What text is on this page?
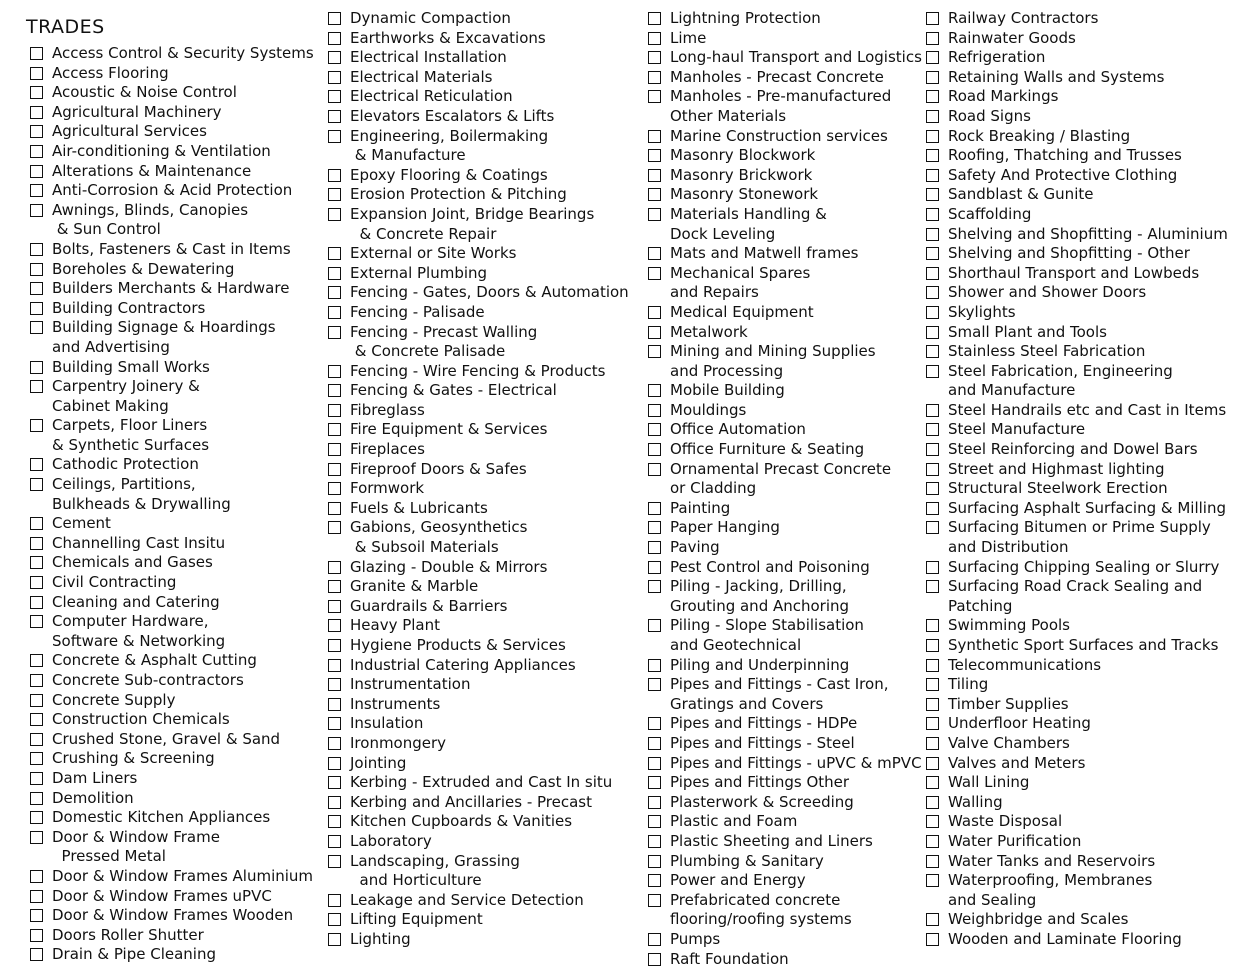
TRADES
Access Control & Security Systems
Access Flooring
Acoustic & Noise Control
Agricultural Machinery
Agricultural Services
Air-conditioning & Ventilation
Alterations & Maintenance
Anti-Corrosion & Acid Protection
Awnings, Blinds, Canopies
& Sun Control
Bolts, Fasteners & Cast in Items
Boreholes & Dewatering
Builders Merchants & Hardware
Building Contractors
Building Signage & Hoardings
and Advertising
Building Small Works
Carpentry Joinery &
Cabinet Making
Carpets, Floor Liners
& Synthetic Surfaces
Cathodic Protection
Ceilings, Partitions,
Bulkheads & Drywalling
Cement
Channelling Cast Insitu
Chemicals and Gases
Civil Contracting
Cleaning and Catering
Computer Hardware,
Software & Networking
Concrete & Asphalt Cutting
Concrete Sub-contractors
Concrete Supply
Construction Chemicals
Crushed Stone, Gravel & Sand
Crushing & Screening
Dam Liners
Demolition
Domestic Kitchen Appliances
Door & Window Frame
Pressed Metal
Door & Window Frames Aluminium
Door & Window Frames uPVC
Door & Window Frames Wooden
Doors Roller Shutter
Drain & Pipe Cleaning
Dynamic Compaction
Earthworks & Excavations
Electrical Installation
Electrical Materials
Electrical Reticulation
Elevators Escalators & Lifts
Engineering, Boilermaking
& Manufacture
Epoxy Flooring & Coatings
Erosion Protection & Pitching
Expansion Joint, Bridge Bearings
& Concrete Repair
External or Site Works
External Plumbing
Fencing - Gates, Doors & Automation
Fencing - Palisade
Fencing - Precast Walling
& Concrete Palisade
Fencing - Wire Fencing & Products
Fencing & Gates - Electrical
Fibreglass
Fire Equipment & Services
Fireplaces
Fireproof Doors & Safes
Formwork
Fuels & Lubricants
Gabions, Geosynthetics
& Subsoil Materials
Glazing - Double & Mirrors
Granite & Marble
Guardrails & Barriers
Heavy Plant
Hygiene Products & Services
Industrial Catering Appliances
Instrumentation
Instruments
Insulation
Ironmongery
Jointing
Kerbing - Extruded and Cast In situ
Kerbing and Ancillaries - Precast
Kitchen Cupboards & Vanities
Laboratory
Landscaping, Grassing
and Horticulture
Leakage and Service Detection
Lifting Equipment
Lighting
Lightning Protection
Lime
Long-haul Transport and Logistics
Manholes - Precast Concrete
Manholes - Pre-manufactured
Other Materials
Marine Construction services
Masonry Blockwork
Masonry Brickwork
Masonry Stonework
Materials Handling &
Dock Leveling
Mats and Matwell frames
Mechanical Spares
and Repairs
Medical Equipment
Metalwork
Mining and Mining Supplies
and Processing
Mobile Building
Mouldings
Office Automation
Office Furniture & Seating
Ornamental Precast Concrete
or Cladding
Painting
Paper Hanging
Paving
Pest Control and Poisoning
Piling - Jacking, Drilling,
Grouting and Anchoring
Piling - Slope Stabilisation
and Geotechnical
Piling and Underpinning
Pipes and Fittings - Cast Iron,
Gratings and Covers
Pipes and Fittings - HDPe
Pipes and Fittings - Steel
Pipes and Fittings - uPVC & mPVC
Pipes and Fittings Other
Plasterwork & Screeding
Plastic and Foam
Plastic Sheeting and Liners
Plumbing & Sanitary
Power and Energy
Prefabricated concrete
flooring/roofing systems
Pumps
Raft Foundation
Railway Contractors
Rainwater Goods
Refrigeration
Retaining Walls and Systems
Road Markings
Road Signs
Rock Breaking / Blasting
Roofing, Thatching and Trusses
Safety And Protective Clothing
Sandblast & Gunite
Scaffolding
Shelving and Shopfitting - Aluminium
Shelving and Shopfitting - Other
Shorthaul Transport and Lowbeds
Shower and Shower Doors
Skylights
Small Plant and Tools
Stainless Steel Fabrication
Steel Fabrication, Engineering
and Manufacture
Steel Handrails etc and Cast in Items
Steel Manufacture
Steel Reinforcing and Dowel Bars
Street and Highmast lighting
Structural Steelwork Erection
Surfacing Asphalt Surfacing & Milling
Surfacing Bitumen or Prime Supply
and Distribution
Surfacing Chipping Sealing or Slurry
Surfacing Road Crack Sealing and
Patching
Swimming Pools
Synthetic Sport Surfaces and Tracks
Telecommunications
Tiling
Timber Supplies
Underfloor Heating
Valve Chambers
Valves and Meters
Wall Lining
Walling
Waste Disposal
Water Purification
Water Tanks and Reservoirs
Waterproofing, Membranes
and Sealing
Weighbridge and Scales
Wooden and Laminate Flooring
